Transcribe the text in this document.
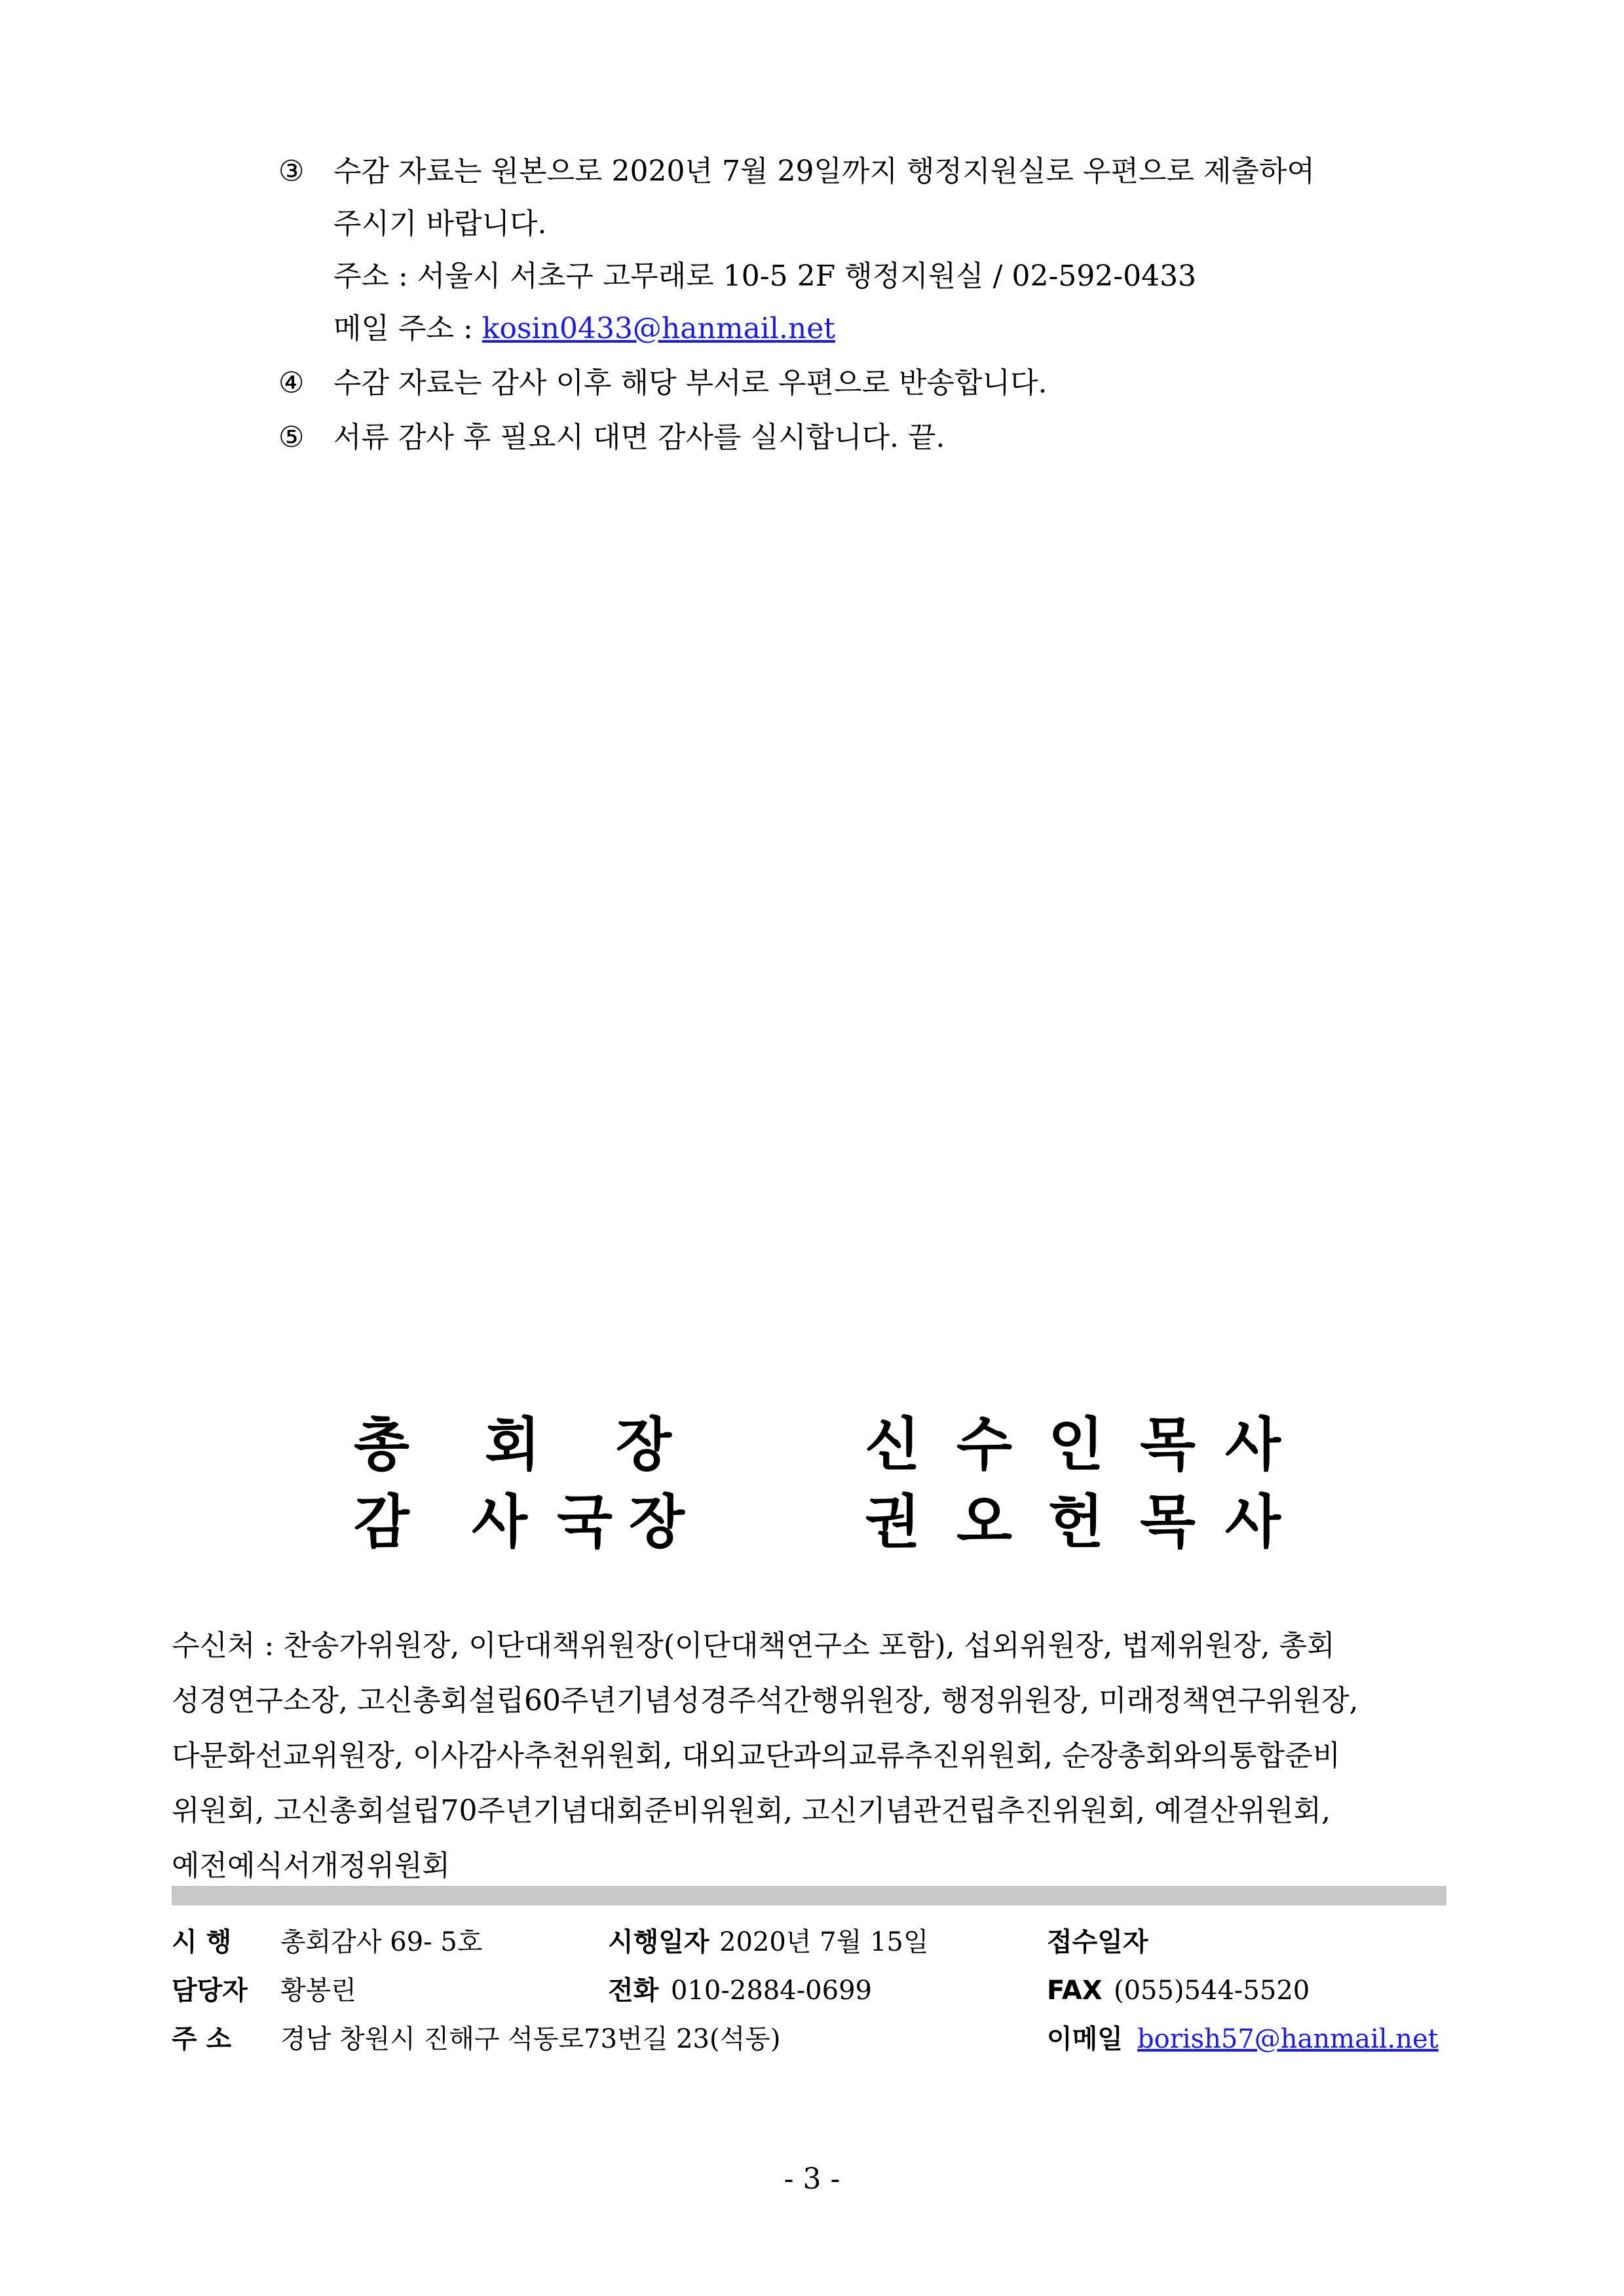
③ 수감 자료는 원본으로 2020년 7월 29일까지 행정지원실로 우편으로 제출하여
주시기 바랍니다.
주소 : 서울시 서초구 고무래로 10-5 2F 행정지원실 / 02-592-0433
메일 주소 : kosin0433@hanmail.net
④ 수감 자료는 감사 이후 해당 부서로 우편으로 반송합니다.
⑤ 서류 감사 후 필요시 대면 감사를 실시합니다. 끝.
총 회 장	신 수 인 목 사
감 사 국 장	권 오 헌 목 사
수신처 : 찬송가위원장, 이단대책위원장(이단대책연구소 포함), 섭외위원장, 법제위원장, 총회
성경연구소장, 고신총회설립60주년기념성경주석간행위원장, 행정위원장, 미래정책연구위원장,
다문화선교위원장, 이사감사추천위원회, 대외교단과의교류추진위원회, 순장총회와의통합준비
위원회, 고신총회설립70주년기념대회준비위원회, 고신기념관건립추진위원회, 예결산위원회,
예전예식서개정위원회
시 행 총회감사 69- 5호	시행일자 2020년 7월 15일	접수일자
담당자 황봉린	전화 010-2884-0699	FAX (055)544-5520
주 소 경남 창원시 진해구 석동로73번길 23(석동)	이메일 borish57@hanmail.net
- 3 -
